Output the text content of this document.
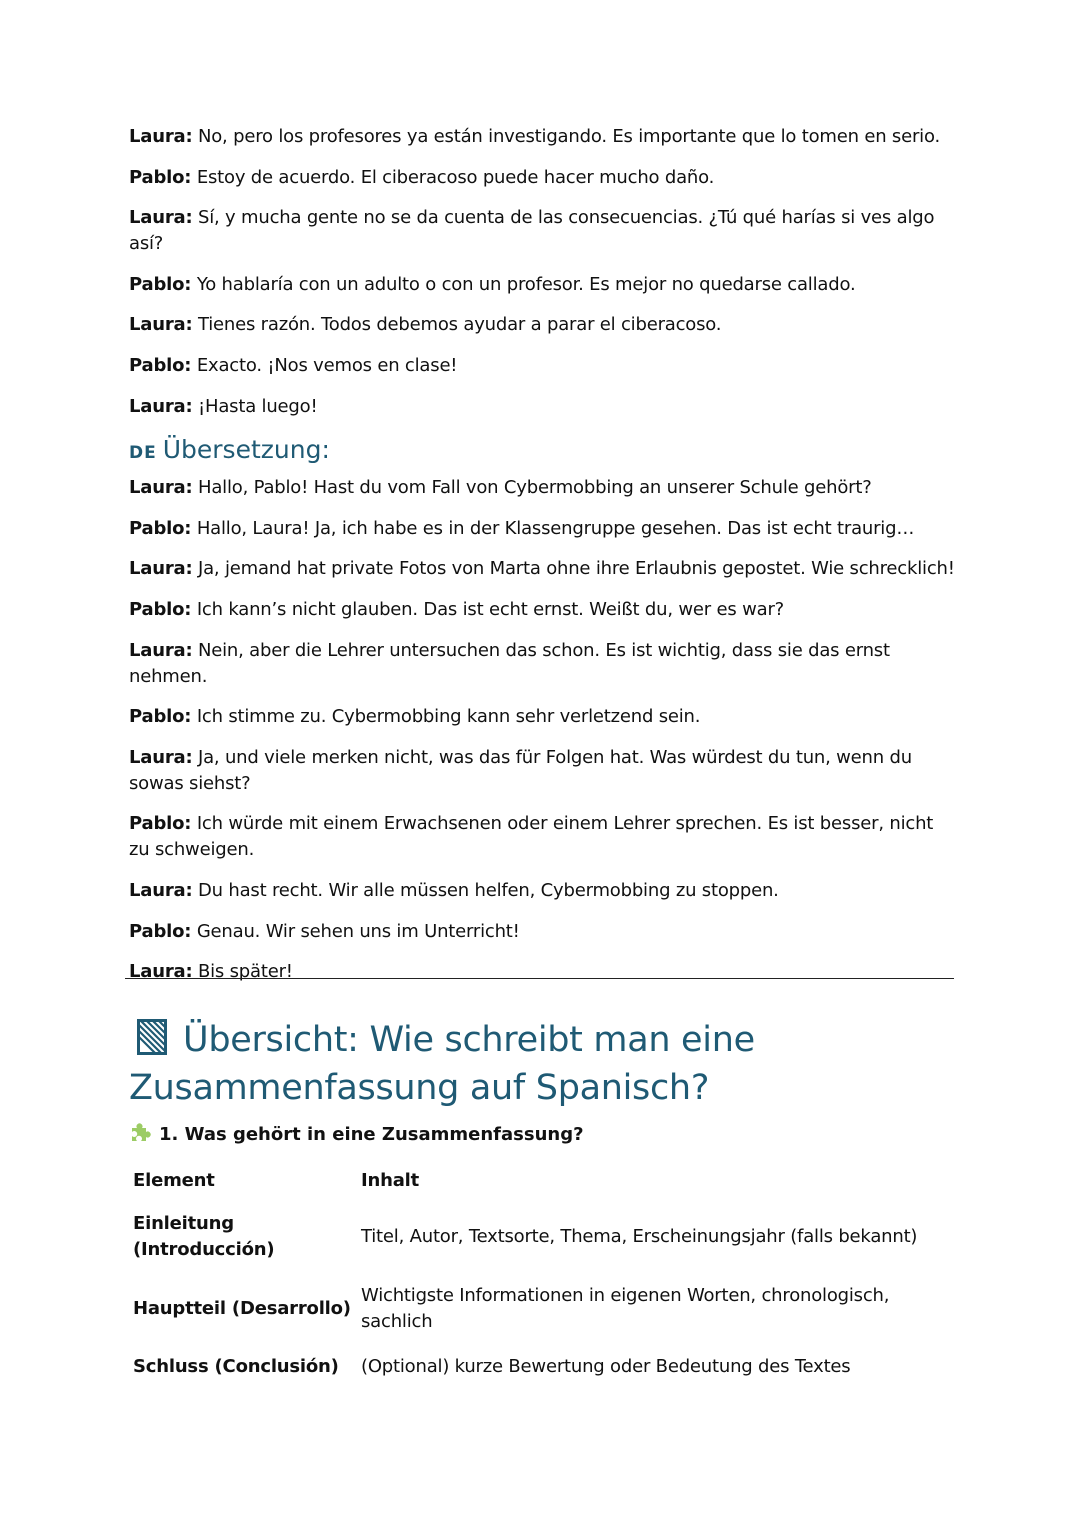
Laura: No, pero los profesores ya están investigando. Es importante que lo tomen en serio.

Pablo: Estoy de acuerdo. El ciberacoso puede hacer mucho daño.

Laura: Sí, y mucha gente no se da cuenta de las consecuencias. ¿Tú qué harías si ves algo así?

Pablo: Yo hablaría con un adulto o con un profesor. Es mejor no quedarse callado.

Laura: Tienes razón. Todos debemos ayudar a parar el ciberacoso.

Pablo: Exacto. ¡Nos vemos en clase!

Laura: ¡Hasta luego!

DE Übersetzung:

Laura: Hallo, Pablo! Hast du vom Fall von Cybermobbing an unserer Schule gehört?

Pablo: Hallo, Laura! Ja, ich habe es in der Klassengruppe gesehen. Das ist echt traurig…

Laura: Ja, jemand hat private Fotos von Marta ohne ihre Erlaubnis gepostet. Wie schrecklich!

Pablo: Ich kann’s nicht glauben. Das ist echt ernst. Weißt du, wer es war?

Laura: Nein, aber die Lehrer untersuchen das schon. Es ist wichtig, dass sie das ernst nehmen.

Pablo: Ich stimme zu. Cybermobbing kann sehr verletzend sein.

Laura: Ja, und viele merken nicht, was das für Folgen hat. Was würdest du tun, wenn du sowas siehst?

Pablo: Ich würde mit einem Erwachsenen oder einem Lehrer sprechen. Es ist besser, nicht zu schweigen.

Laura: Du hast recht. Wir alle müssen helfen, Cybermobbing zu stoppen.

Pablo: Genau. Wir sehen uns im Unterricht!

Laura: Bis später!

Übersicht: Wie schreibt man eine Zusammenfassung auf Spanisch?
1. Was gehört in eine Zusammenfassung?
Element	Inhalt
Einleitung (Introducción)	Titel, Autor, Textsorte, Thema, Erscheinungsjahr (falls bekannt)
Hauptteil (Desarrollo)	Wichtigste Informationen in eigenen Worten, chronologisch, sachlich
Schluss (Conclusión)	(Optional) kurze Bewertung oder Bedeutung des Textes
